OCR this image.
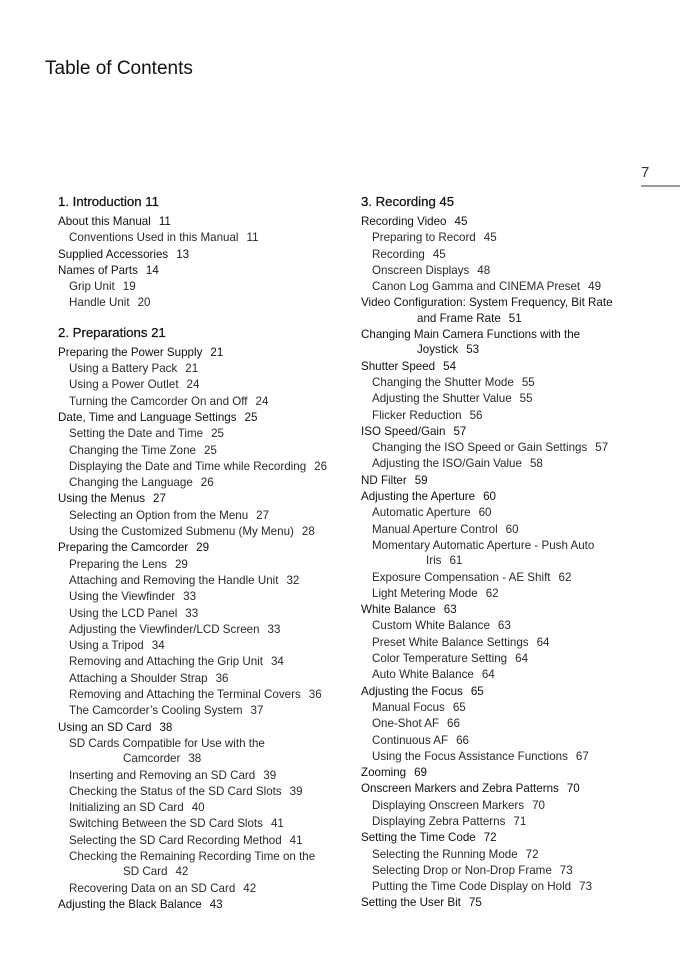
Table of Contents
7
1. Introduction 11
About this Manual 11
Conventions Used in this Manual 11
Supplied Accessories 13
Names of Parts 14
Grip Unit 19
Handle Unit 20
2. Preparations 21
Preparing the Power Supply 21
Using a Battery Pack 21
Using a Power Outlet 24
Turning the Camcorder On and Off 24
Date, Time and Language Settings 25
Setting the Date and Time 25
Changing the Time Zone 25
Displaying the Date and Time while Recording 26
Changing the Language 26
Using the Menus 27
Selecting an Option from the Menu 27
Using the Customized Submenu (My Menu) 28
Preparing the Camcorder 29
Preparing the Lens 29
Attaching and Removing the Handle Unit 32
Using the Viewfinder 33
Using the LCD Panel 33
Adjusting the Viewfinder/LCD Screen 33
Using a Tripod 34
Removing and Attaching the Grip Unit 34
Attaching a Shoulder Strap 36
Removing and Attaching the Terminal Covers 36
The Camcorder’s Cooling System 37
Using an SD Card 38
SD Cards Compatible for Use with the
Camcorder 38
Inserting and Removing an SD Card 39
Checking the Status of the SD Card Slots 39
Initializing an SD Card 40
Switching Between the SD Card Slots 41
Selecting the SD Card Recording Method 41
Checking the Remaining Recording Time on the
SD Card 42
Recovering Data on an SD Card 42
Adjusting the Black Balance 43
3. Recording 45
Recording Video 45
Preparing to Record 45
Recording 45
Onscreen Displays 48
Canon Log Gamma and CINEMA Preset 49
Video Configuration: System Frequency, Bit Rate
and Frame Rate 51
Changing Main Camera Functions with the
Joystick 53
Shutter Speed 54
Changing the Shutter Mode 55
Adjusting the Shutter Value 55
Flicker Reduction 56
ISO Speed/Gain 57
Changing the ISO Speed or Gain Settings 57
Adjusting the ISO/Gain Value 58
ND Filter 59
Adjusting the Aperture 60
Automatic Aperture 60
Manual Aperture Control 60
Momentary Automatic Aperture - Push Auto
Iris 61
Exposure Compensation - AE Shift 62
Light Metering Mode 62
White Balance 63
Custom White Balance 63
Preset White Balance Settings 64
Color Temperature Setting 64
Auto White Balance 64
Adjusting the Focus 65
Manual Focus 65
One-Shot AF 66
Continuous AF 66
Using the Focus Assistance Functions 67
Zooming 69
Onscreen Markers and Zebra Patterns 70
Displaying Onscreen Markers 70
Displaying Zebra Patterns 71
Setting the Time Code 72
Selecting the Running Mode 72
Selecting Drop or Non-Drop Frame 73
Putting the Time Code Display on Hold 73
Setting the User Bit 75
